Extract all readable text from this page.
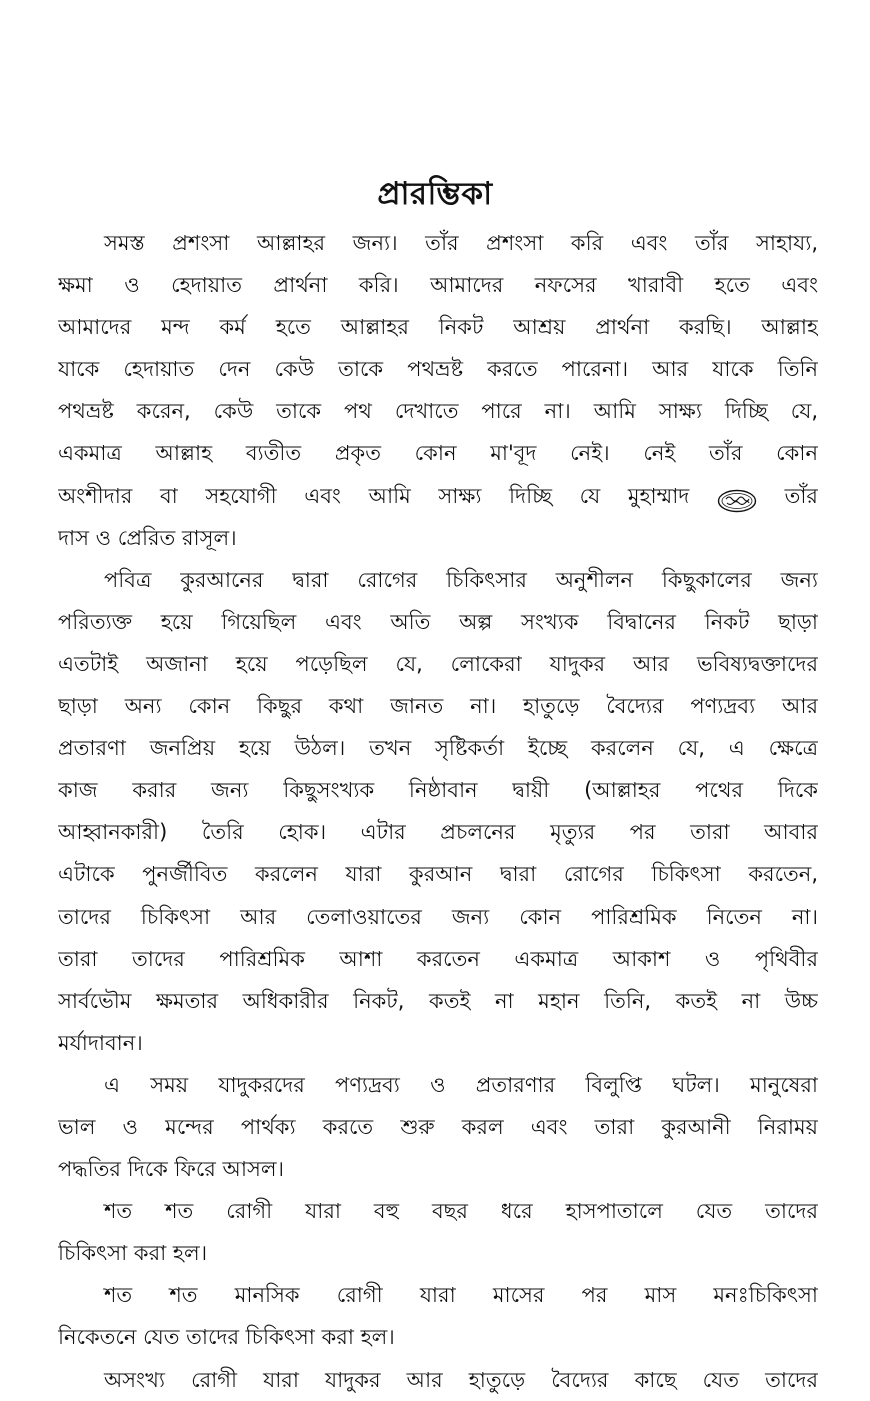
প্রারম্ভিকা
সমস্ত প্রশংসা আল্লাহর জন্য। তাঁর প্রশংসা করি এবং তাঁর সাহায্য,
ক্ষমা ও হেদায়াত প্রার্থনা করি। আমাদের নফসের খারাবী হতে এবং
আমাদের মন্দ কর্ম হতে আল্লাহর নিকট আশ্রয় প্রার্থনা করছি। আল্লাহ
যাকে হেদায়াত দেন কেউ তাকে পথভ্রষ্ট করতে পারেনা। আর যাকে তিনি
পথভ্রষ্ট করেন, কেউ তাকে পথ দেখাতে পারে না। আমি সাক্ষ্য দিচ্ছি যে,
একমাত্র আল্লাহ ব্যতীত প্রকৃত কোন মা'বূদ নেই। নেই তাঁর কোন
অংশীদার বা সহযোগী এবং আমি সাক্ষ্য দিচ্ছি যে মুহাম্মাদ	তাঁর
দাস ও প্রেরিত রাসূল।
পবিত্র কুরআনের দ্বারা রোগের চিকিৎসার অনুশীলন কিছুকালের জন্য
পরিত্যক্ত হয়ে গিয়েছিল এবং অতি অল্প সংখ্যক বিদ্বানের নিকট ছাড়া
এতটাই অজানা হয়ে পড়েছিল যে, লোকেরা যাদুকর আর ভবিষ্যদ্বক্তাদের
ছাড়া অন্য কোন কিছুর কথা জানত না। হাতুড়ে বৈদ্যের পণ্যদ্রব্য আর
প্রতারণা জনপ্রিয় হয়ে উঠল। তখন সৃষ্টিকর্তা ইচ্ছে করলেন যে, এ ক্ষেত্রে
কাজ করার জন্য কিছুসংখ্যক নিষ্ঠাবান দ্বায়ী (আল্লাহর পথের দিকে
আহ্বানকারী) তৈরি হোক। এটার প্রচলনের মৃত্যুর পর তারা আবার
এটাকে পুনর্জীবিত করলেন যারা কুরআন দ্বারা রোগের চিকিৎসা করতেন,
তাদের চিকিৎসা আর তেলাওয়াতের জন্য কোন পারিশ্রমিক নিতেন না।
তারা তাদের পারিশ্রমিক আশা করতেন একমাত্র আকাশ ও পৃথিবীর
সার্বভৌম ক্ষমতার অধিকারীর নিকট, কতই না মহান তিনি, কতই না উচ্চ
মর্যাদাবান।
এ সময় যাদুকরদের পণ্যদ্রব্য ও প্রতারণার বিলুপ্তি ঘটল। মানুষেরা
ভাল ও মন্দের পার্থক্য করতে শুরু করল এবং তারা কুরআনী নিরাময়
পদ্ধতির দিকে ফিরে আসল।
শত শত রোগী যারা বহু বছর ধরে হাসপাতালে যেত তাদের
চিকিৎসা করা হল।
শত শত মানসিক রোগী যারা মাসের পর মাস মনঃচিকিৎসা
নিকেতনে যেত তাদের চিকিৎসা করা হল।
অসংখ্য রোগী যারা যাদুকর আর হাতুড়ে বৈদ্যের কাছে যেত তাদের
